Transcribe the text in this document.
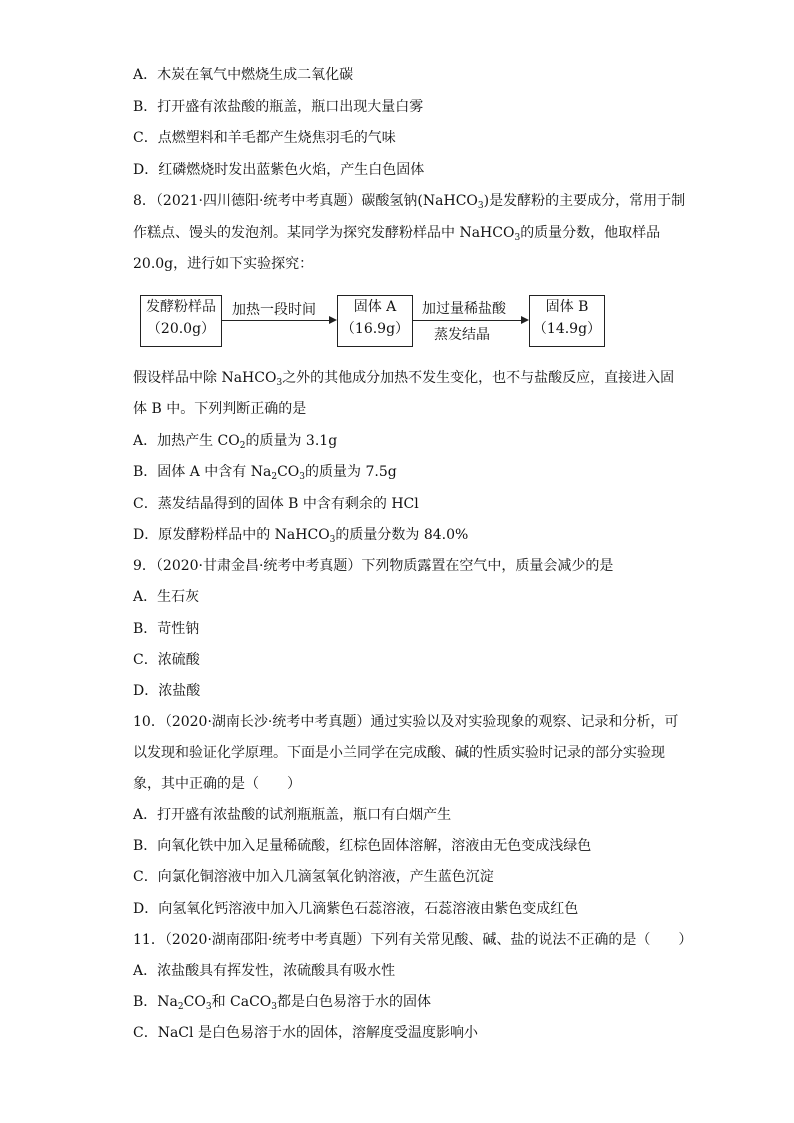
A．木炭在氧气中燃烧生成二氧化碳
B．打开盛有浓盐酸的瓶盖，瓶口出现大量白雾
C．点燃塑料和羊毛都产生烧焦羽毛的气味
D．红磷燃烧时发出蓝紫色火焰，产生白色固体
8．（2021·四川德阳·统考中考真题）碳酸氢钠(NaHCO$_3$)是发酵粉的主要成分，常用于制
作糕点、馒头的发泡剂。某同学为探究发酵粉样品中 NaHCO$_3$的质量分数，他取样品
20.0g，进行如下实验探究：
发酵粉样品
（20.0g）
加热一段时间	固体 A
（16.9g）
加过量稀盐酸
蒸发结晶
固体 B
（14.9g）
假设样品中除 NaHCO$_3$之外的其他成分加热不发生变化，也不与盐酸反应，直接进入固
体 B 中。下列判断正确的是
A．加热产生 $CO_2$的质量为 3.1g
B．固体 A 中含有 $Na_2CO_3$的质量为 7.5g
C．蒸发结晶得到的固体 B 中含有剩余的 HCl
D．原发酵粉样品中的 NaHCO$_3$的质量分数为 84.0%
9．（2020·甘肃金昌·统考中考真题）下列物质露置在空气中，质量会减少的是
A．生石灰
B．苛性钠
C．浓硫酸
D．浓盐酸
10．（2020·湖南长沙·统考中考真题）通过实验以及对实验现象的观察、记录和分析，可
以发现和验证化学原理。下面是小兰同学在完成酸、碱的性质实验时记录的部分实验现
象，其中正确的是（　　）
A．打开盛有浓盐酸的试剂瓶瓶盖，瓶口有白烟产生
B．向氧化铁中加入足量稀硫酸，红棕色固体溶解，溶液由无色变成浅绿色
C．向氯化铜溶液中加入几滴氢氧化钠溶液，产生蓝色沉淀
D．向氢氧化钙溶液中加入几滴紫色石蕊溶液，石蕊溶液由紫色变成红色
11．（2020·湖南邵阳·统考中考真题）下列有关常见酸、碱、盐的说法不正确的是（　　）
A．浓盐酸具有挥发性，浓硫酸具有吸水性
B．$Na_2CO_3$和 CaCO$_3$都是白色易溶于水的固体
C．NaCl 是白色易溶于水的固体，溶解度受温度影响小
